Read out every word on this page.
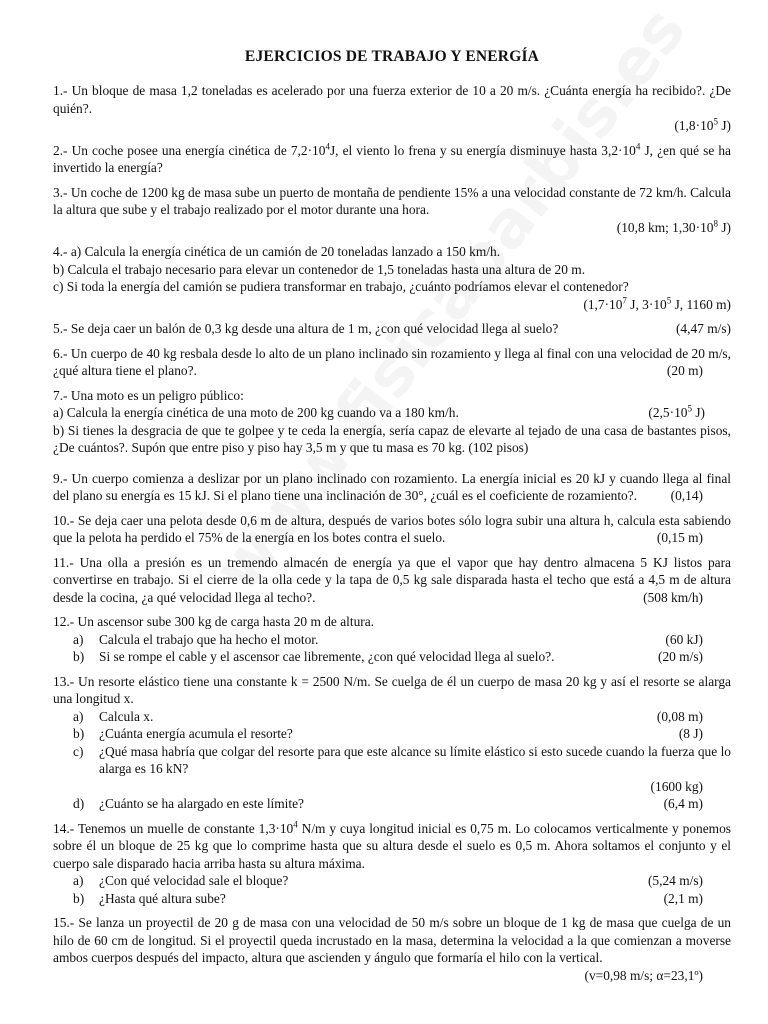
EJERCICIOS DE TRABAJO Y ENERGÍA
1.- Un bloque de masa 1,2 toneladas es acelerado por una fuerza exterior de 10 a 20 m/s. ¿Cuánta energía ha recibido?. ¿De quién?.

($1,8\cdot 10^5$ J)

2.- Un coche posee una energía cinética de $7,2\cdot 10^4J$, el viento lo frena y su energía disminuye hasta $3,2\cdot 10^4$ J, ¿en qué se ha invertido la energía?

3.- Un coche de 1200 kg de masa sube un puerto de montaña de pendiente 15% a una velocidad constante de 72 km/h. Calcula la altura que sube y el trabajo realizado por el motor durante una hora.

(10,8 km; $1,30\cdot 10^8$ J)

4.- a) Calcula la energía cinética de un camión de 20 toneladas lanzado a 150 km/h.

b) Calcula el trabajo necesario para elevar un contenedor de 1,5 toneladas hasta una altura de 20 m.

c) Si toda la energía del camión se pudiera transformar en trabajo, ¿cuánto podríamos elevar el contenedor?

($1,7\cdot 10^7$ J, $3\cdot 10^5$ J, 1160 m)

5.- Se deja caer un balón de 0,3 kg desde una altura de 1 m, ¿con qué velocidad llega al suelo?	(4,47 m/s)

6.- Un cuerpo de 40 kg resbala desde lo alto de un plano inclinado sin rozamiento y llega al final con una velocidad de 20 m/s, ¿qué altura tiene el plano?.	(20 m)

7.- Una moto es un peligro público:

a) Calcula la energía cinética de una moto de 200 kg cuando va a 180 km/h.	($2,5\cdot 10^5$ J)

b) Si tienes la desgracia de que te golpee y te ceda la energía, sería capaz de elevarte al tejado de una casa de bastantes pisos, ¿De cuántos?. Supón que entre piso y piso hay 3,5 m y que tu masa es 70 kg. (102 pisos)

9.- Un cuerpo comienza a deslizar por un plano inclinado con rozamiento. La energía inicial es 20 kJ y cuando llega al final del plano su energía es 15 kJ. Si el plano tiene una inclinación de 30°, ¿cuál es el coeficiente de rozamiento?.	(0,14)

10.- Se deja caer una pelota desde 0,6 m de altura, después de varios botes sólo logra subir una altura h, calcula esta sabiendo que la pelota ha perdido el 75% de la energía en los botes contra el suelo.	(0,15 m)

11.- Una olla a presión es un tremendo almacén de energía ya que el vapor que hay dentro almacena 5 KJ listos para convertirse en trabajo. Si el cierre de la olla cede y la tapa de 0,5 kg sale disparada hasta el techo que está a 4,5 m de altura desde la cocina, ¿a qué velocidad llega al techo?.	(508 km/h)

12.- Un ascensor sube 300 kg de carga hasta 20 m de altura.

a)	Calcula el trabajo que ha hecho el motor.	(60 kJ)
b)	Si se rompe el cable y el ascensor cae libremente, ¿con qué velocidad llega al suelo?.	(20 m/s)

13.- Un resorte elástico tiene una constante k = 2500 N/m. Se cuelga de él un cuerpo de masa 20 kg y así el resorte se alarga una longitud x.

a)	Calcula x.	(0,08 m)
b)	¿Cuánta energía acumula el resorte?	(8 J)
c)	¿Qué masa habría que colgar del resorte para que este alcance su límite elástico si esto sucede cuando la fuerza que lo alarga es 16 kN?
(1600 kg)
d)	¿Cuánto se ha alargado en este límite?	(6,4 m)

14.- Tenemos un muelle de constante $1,3\cdot 10^4$ N/m y cuya longitud inicial es 0,75 m. Lo colocamos verticalmente y ponemos sobre él un bloque de 25 kg que lo comprime hasta que su altura desde el suelo es 0,5 m. Ahora soltamos el conjunto y el cuerpo sale disparado hacia arriba hasta su altura máxima.

a)	¿Con qué velocidad sale el bloque?	(5,24 m/s)
b)	¿Hasta qué altura sube?	(2,1 m)

15.- Se lanza un proyectil de 20 g de masa con una velocidad de 50 m/s sobre un bloque de 1 kg de masa que cuelga de un hilo de 60 cm de longitud. Si el proyectil queda incrustado en la masa, determina la velocidad a la que comienzan a moverse ambos cuerpos después del impacto, altura que ascienden y ángulo que formaría el hilo con la vertical.

(v=0,98 m/s; α=23,1º)
